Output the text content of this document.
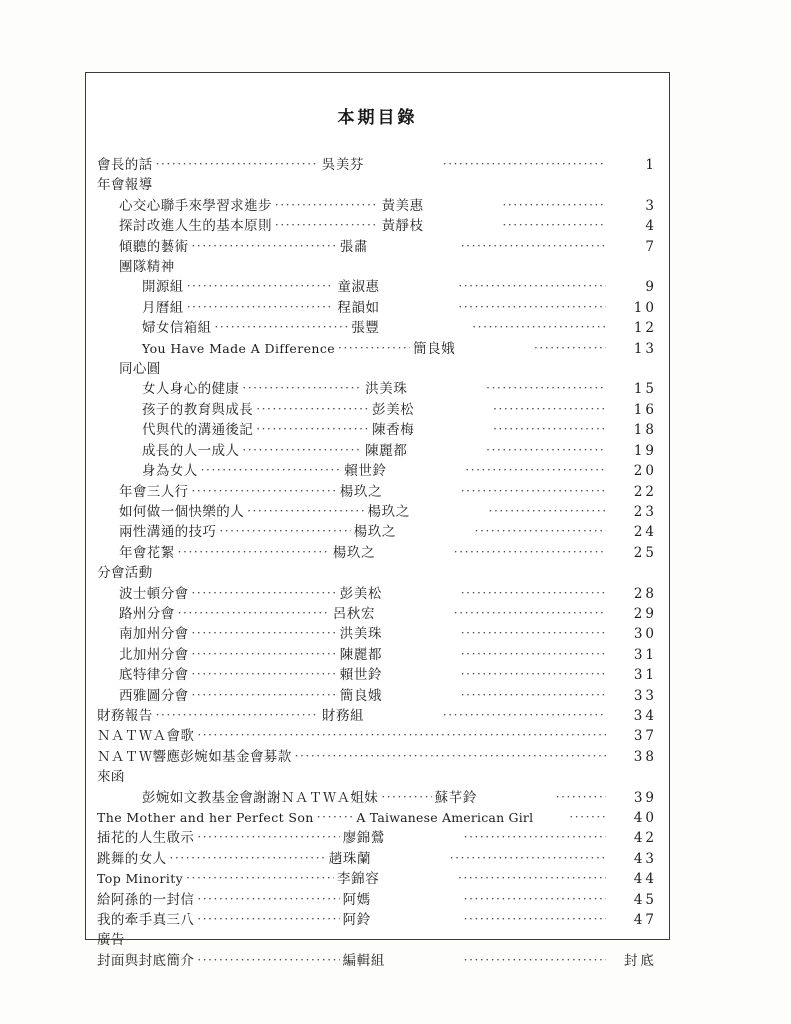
本期目錄
會長的話 ·····	吳美芬 ·····	1
年會報導
心交心聯手來學習求進步 ·····	黃美惠 ·····	3
探討改進人生的基本原則 ·····	黃靜枝 ·····	4
傾聽的藝術 ·····	張肅 ·····	7
團隊精神
開源組 ·····	童淑惠 ·····	9
月曆組 ·····	程韻如 ·····	10
婦女信箱組 ·····	張豐 ·····	12
You Have Made A Difference ·····	簡良娥 ·····	13
同心圓
女人身心的健康 ·····	洪美珠 ·····	15
孩子的教育與成長 ·····	彭美松 ·····	16
代與代的溝通後記 ·····	陳香梅 ·····	18
成長的人一成人 ·····	陳麗都 ·····	19
身為女人 ·····	賴世鈴 ·····	20
年會三人行 ·····	楊玖之 ·····	22
如何做一個快樂的人 ·····	楊玖之 ·····	23
兩性溝通的技巧 ·····	楊玖之 ·····	24
年會花絮 ·····	楊玖之 ·····	25
分會活動
波士頓分會 ·····	彭美松 ·····	28
路州分會 ·····	呂秋宏 ·····	29
南加州分會 ·····	洪美珠 ·····	30
北加州分會 ·····	陳麗都 ·····	31
底特律分會 ·····	賴世鈴 ·····	31
西雅圖分會 ·····	簡良娥 ·····	33
財務報告 ·····	財務組 ·····	34
ＮＡＴＷＡ會歌 ····· ·····	37
ＮＡＴＷ響應彭婉如基金會募款 ····· ·····	38
來函
彭婉如文教基金會謝謝ＮＡＴＷＡ姐妹 ·····	蘇芊鈴 ·····	39
The Mother and her Perfect Son ·····	A Taiwanese American Girl ·····	40
插花的人生啟示 ·····	廖錦鶯 ·····	42
跳舞的女人 ·····	趙珠蘭 ·····	43
Top Minority ·····	李錦容 ·····	44
給阿孫的一封信 ·····	阿媽 ·····	45
我的牽手真三八 ·····	阿鈴 ·····	47
廣告
封面與封底簡介 ·····	編輯組 ·····	封底
